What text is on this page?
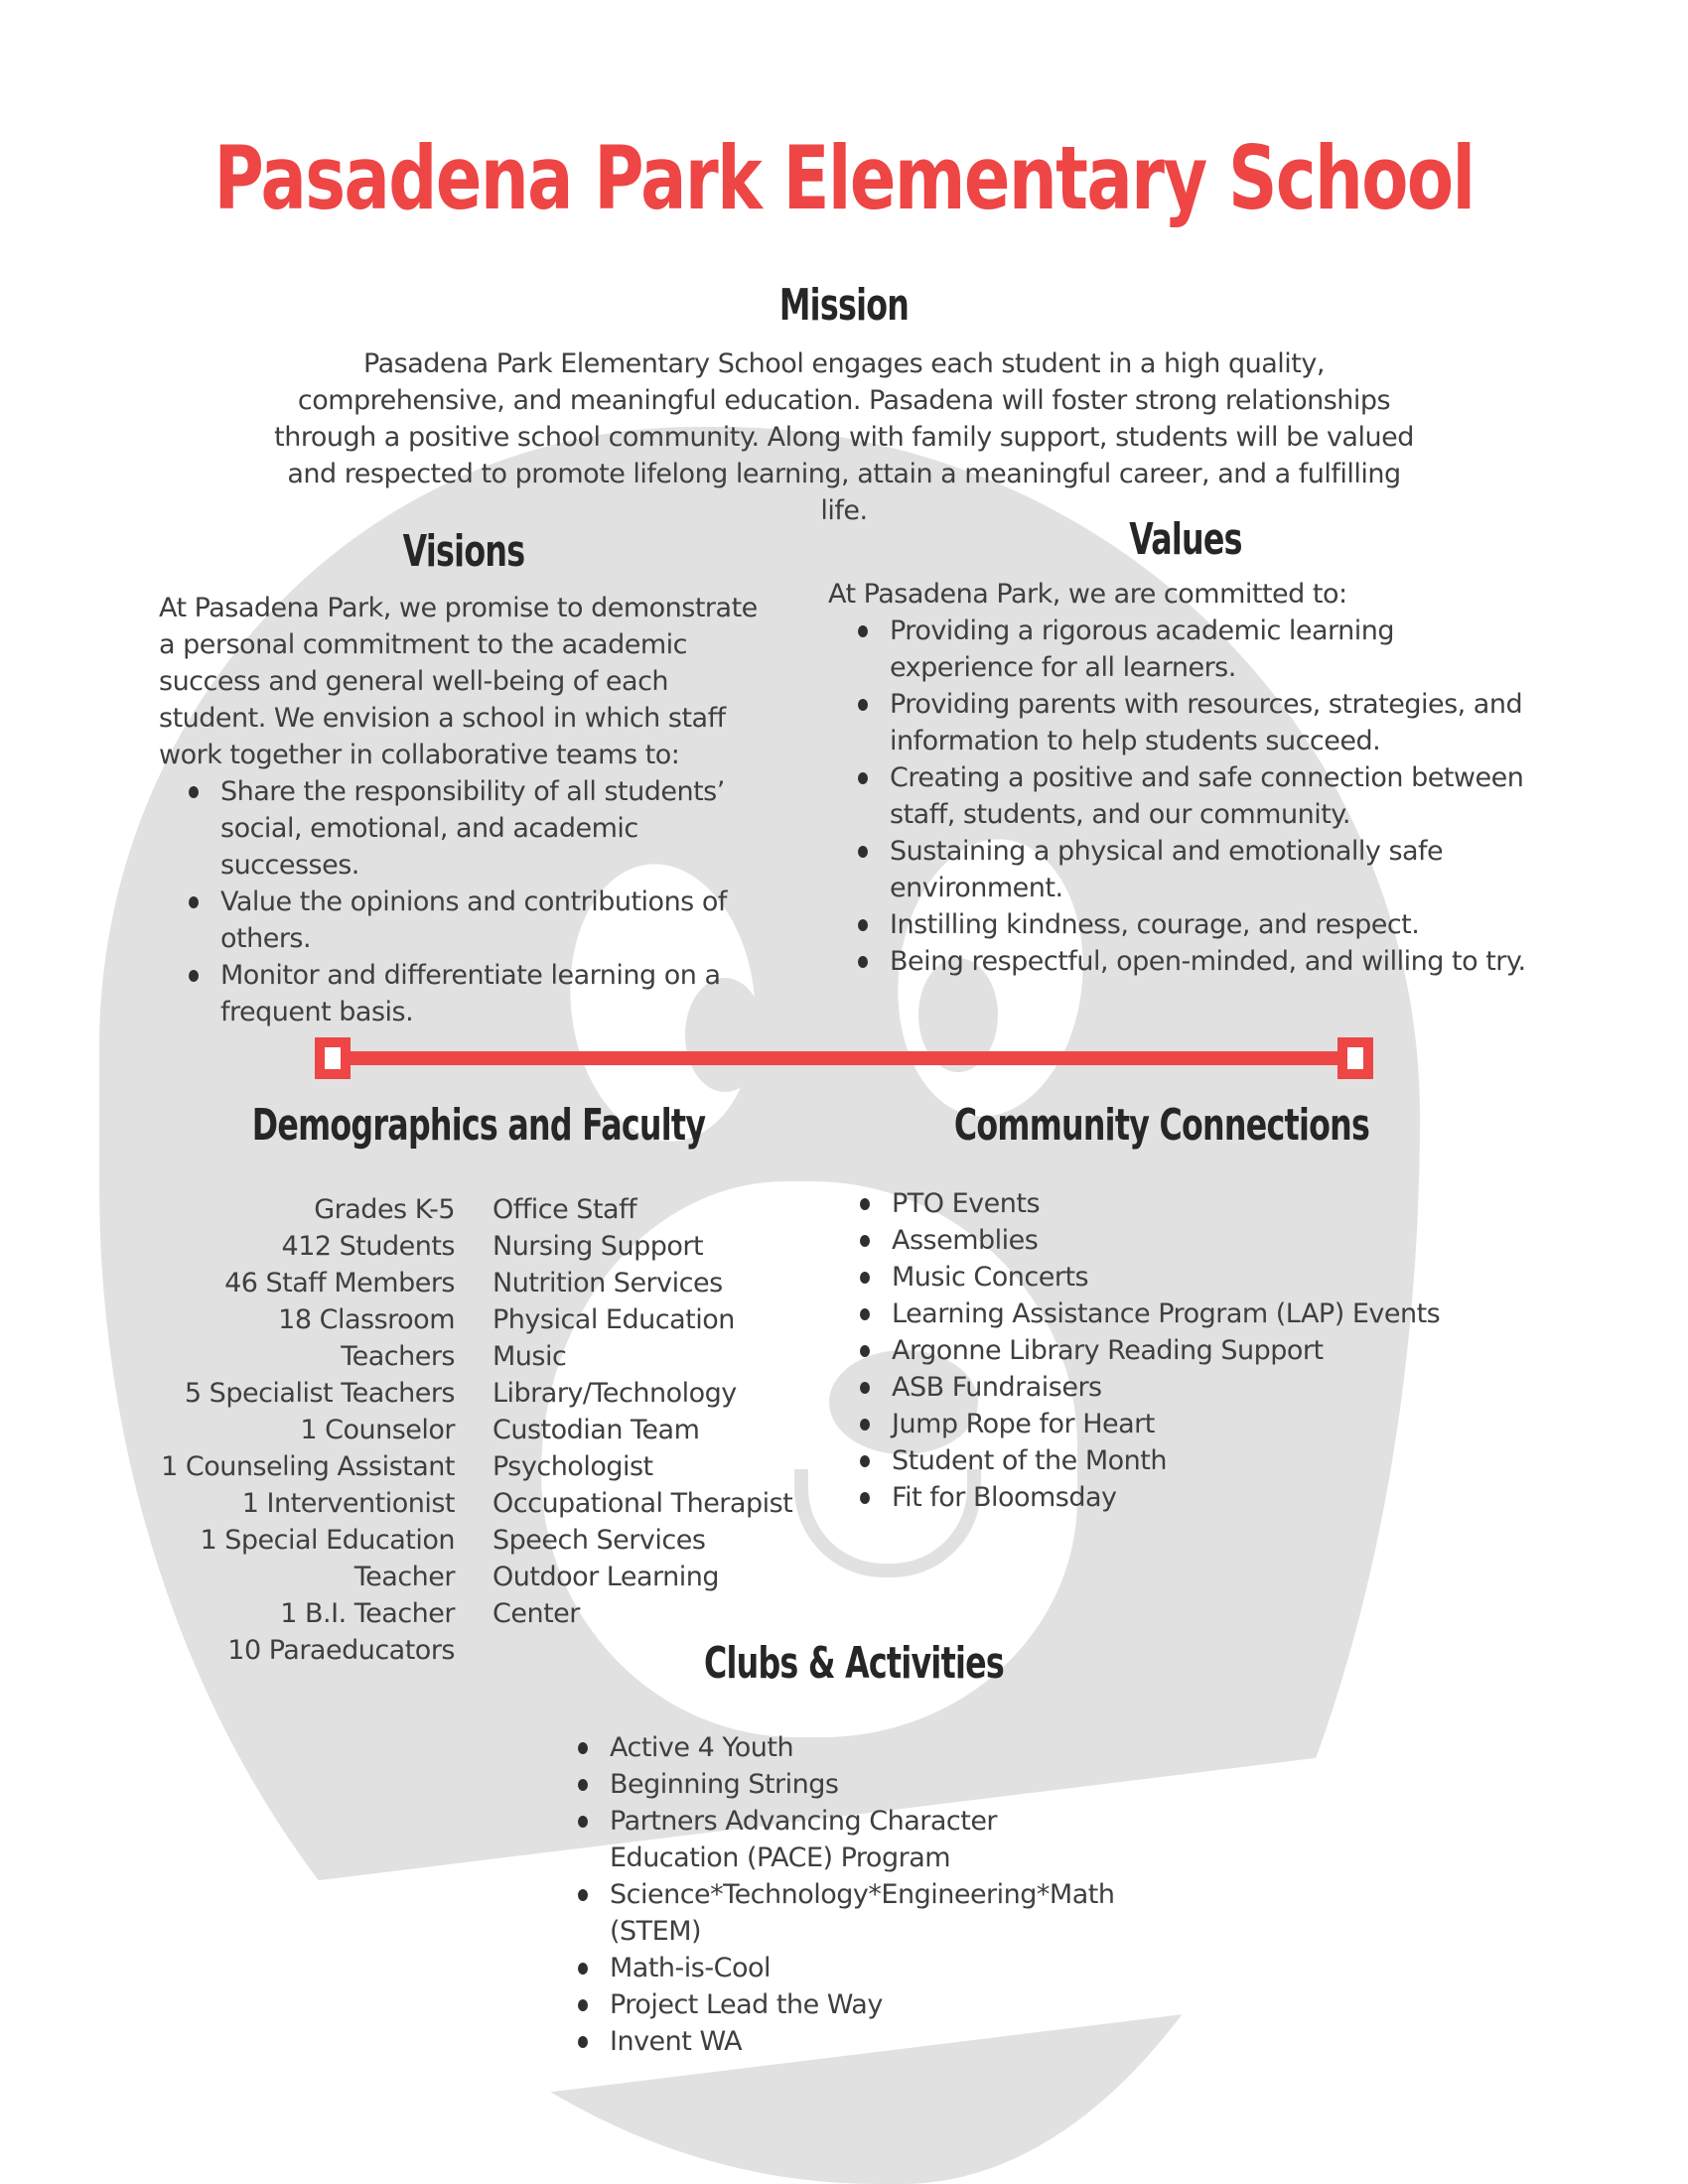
Pasadena Park Elementary School
Mission

Pasadena Park Elementary School engages each student in a high quality, comprehensive, and meaningful education. Pasadena will foster strong relationships through a positive school community. Along with family support, students will be valued and respected to promote lifelong learning, attain a meaningful career, and a fulfilling life.

Visions

At Pasadena Park, we promise to demonstrate a personal commitment to the academic success and general well-being of each student. We envision a school in which staff work together in collaborative teams to:

Share the responsibility of all students’ social, emotional, and academic successes.
Value the opinions and contributions of others.
Monitor and differentiate learning on a frequent basis.
Values

At Pasadena Park, we are committed to:

Providing a rigorous academic learning experience for all learners.
Providing parents with resources, strategies, and information to help students succeed.
Creating a positive and safe connection between staff, students, and our community.
Sustaining a physical and emotionally safe environment.
Instilling kindness, courage, and respect.
Being respectful, open-minded, and willing to try.
Demographics and Faculty
Grades K-5
412 Students
46 Staff Members
18 Classroom Teachers
5 Specialist Teachers
1 Counselor
1 Counseling Assistant
1 Interventionist
1 Special Education Teacher
1 B.I. Teacher
10 Paraeducators
Office Staff
Nursing Support
Nutrition Services
Physical Education
Music
Library/Technology
Custodian Team
Psychologist
Occupational Therapist
Speech Services
Outdoor Learning Center
Community Connections
PTO Events
Assemblies
Music Concerts
Learning Assistance Program (LAP) Events
Argonne Library Reading Support
ASB Fundraisers
Jump Rope for Heart
Student of the Month
Fit for Bloomsday
Clubs & Activities
Active 4 Youth
Beginning Strings
Partners Advancing Character Education (PACE) Program
Science*Technology*Engineering*Math (STEM)
Math-is-Cool
Project Lead the Way
Invent WA
